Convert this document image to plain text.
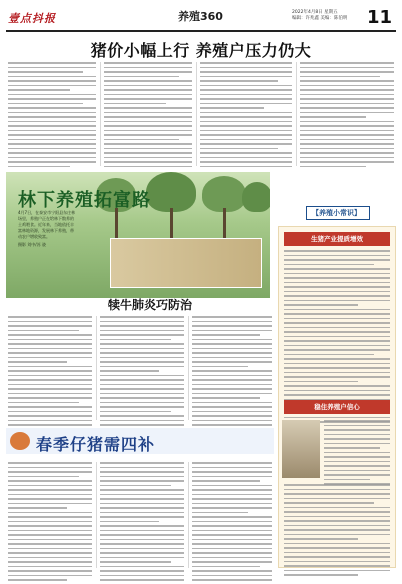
壹点抖报	养殖360	2022年4月8日 星期五
编辑：许兆鑫 美编：陈伯明	11
猪价小幅上行 养殖户压力仍大
林下养殖拓富路
4月7日，在泰安市宁阳县东庄林场里，养殖户正在给林下散养的土鸡喂食。近年来，当地依托丰富林地资源，发展林下养殖，带动农户增收致富。
摄影 刘中/苏 骁
【养殖小常识】
犊牛肺炎巧防治
生猪产业提质增效
稳住养殖户信心
春季仔猪需四补
